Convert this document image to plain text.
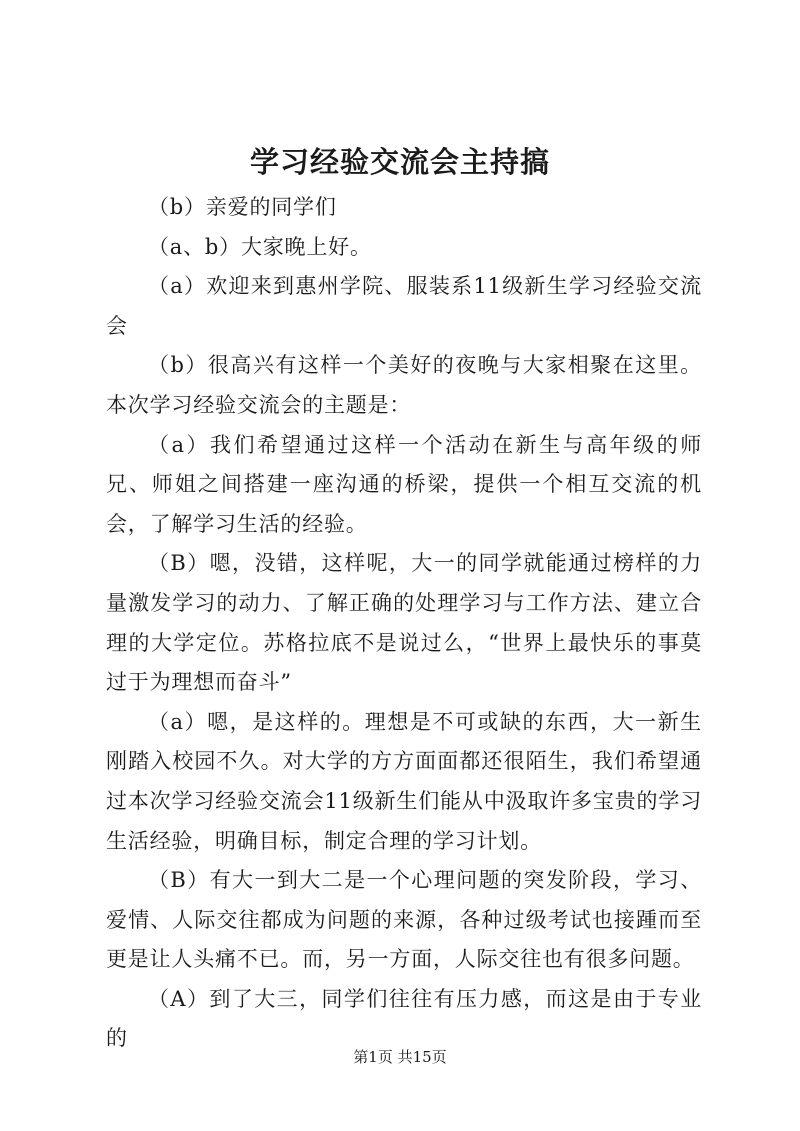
学习经验交流会主持搞

（b）亲爱的同学们

（a、b）大家晚上好。

（a）欢迎来到惠州学院、服装系11级新生学习经验交流会

（b）很高兴有这样一个美好的夜晚与大家相聚在这里。本次学习经验交流会的主题是：

（a）我们希望通过这样一个活动在新生与高年级的师兄、师姐之间搭建一座沟通的桥梁，提供一个相互交流的机会，了解学习生活的经验。

（B）嗯，没错，这样呢，大一的同学就能通过榜样的力量激发学习的动力、了解正确的处理学习与工作方法、建立合理的大学定位。苏格拉底不是说过么，“世界上最快乐的事莫过于为理想而奋斗”

（a）嗯，是这样的。理想是不可或缺的东西，大一新生刚踏入校园不久。对大学的方方面面都还很陌生，我们希望通过本次学习经验交流会11级新生们能从中汲取许多宝贵的学习生活经验，明确目标，制定合理的学习计划。

（B）有大一到大二是一个心理问题的突发阶段，学习、爱情、人际交往都成为问题的来源，各种过级考试也接踵而至更是让人头痛不已。而，另一方面，人际交往也有很多问题。

（A）到了大三，同学们往往有压力感，而这是由于专业的

第1页 共15页
